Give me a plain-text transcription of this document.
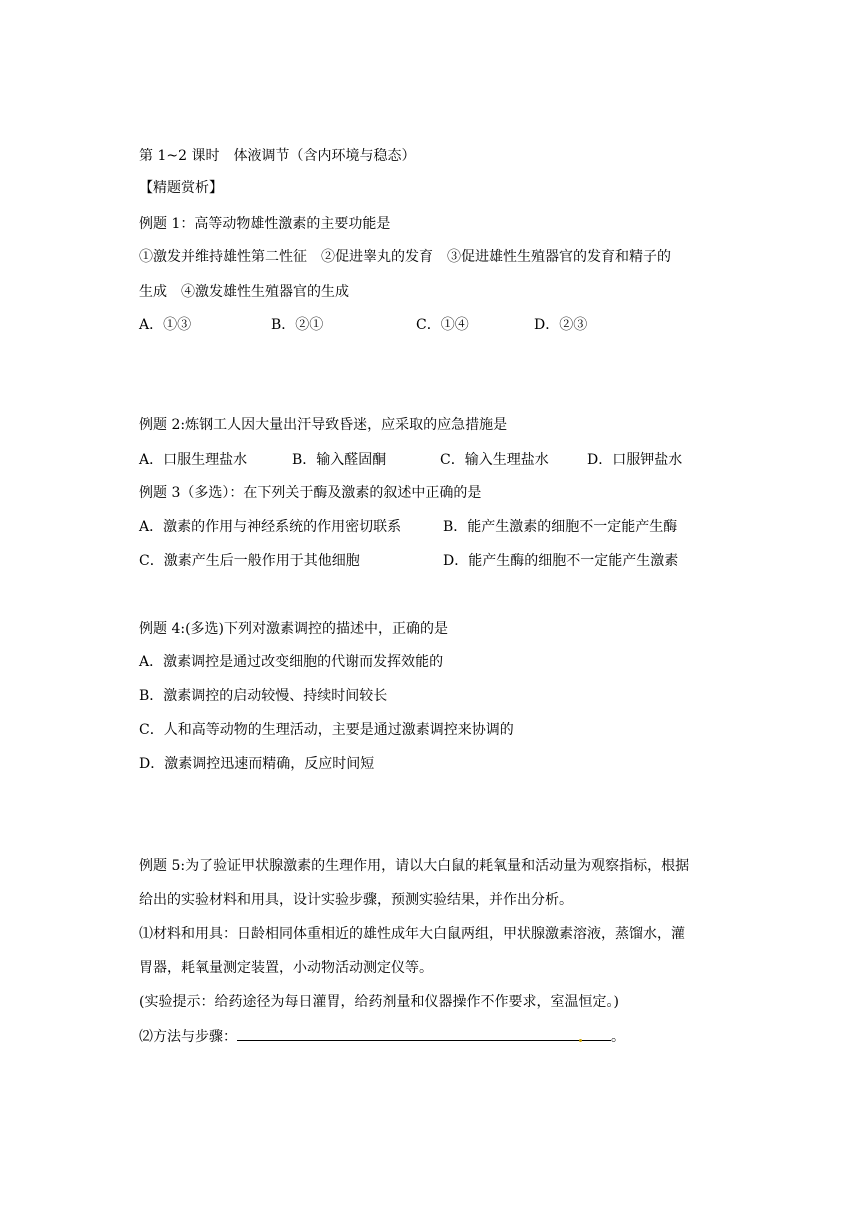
第 1~2 课时　体液调节（含内环境与稳态）
【精题赏析】
例题 1：高等动物雄性激素的主要功能是
①激发并维持雄性第二性征　②促进睾丸的发育　③促进雄性生殖器官的发育和精子的
生成　④激发雄性生殖器官的生成
A．①③	B．②①	C．①④	D．②③
例题 2:炼钢工人因大量出汗导致昏迷，应采取的应急措施是
A．口服生理盐水	B．输入醛固酮	C．输入生理盐水	D．口服钾盐水
例题 3（多选）：在下列关于酶及激素的叙述中正确的是
A．激素的作用与神经系统的作用密切联系	B．能产生激素的细胞不一定能产生酶
C．激素产生后一般作用于其他细胞	D．能产生酶的细胞不一定能产生激素
例题 4:(多选)下列对激素调控的描述中，正确的是
A．激素调控是通过改变细胞的代谢而发挥效能的
B．激素调控的启动较慢、持续时间较长
C．人和高等动物的生理活动，主要是通过激素调控来协调的
D．激素调控迅速而精确，反应时间短
例题 5:为了验证甲状腺激素的生理作用，请以大白鼠的耗氧量和活动量为观察指标，根据
给出的实验材料和用具，设计实验步骤，预测实验结果，并作出分析。
⑴材料和用具：日龄相同体重相近的雄性成年大白鼠两组，甲状腺激素溶液，蒸馏水，灌
胃器，耗氧量测定装置，小动物活动测定仪等。
(实验提示：给药途径为每日灌胃，给药剂量和仪器操作不作要求，室温恒定。)
⑵方法与步骤：	。
